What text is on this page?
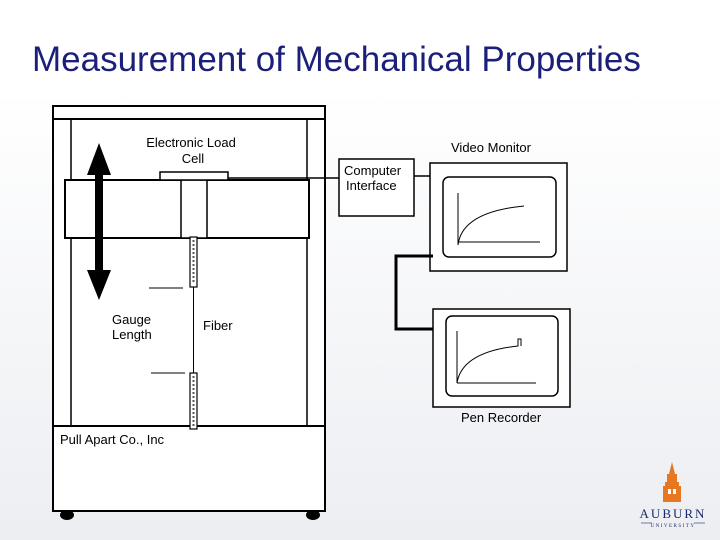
Measurement of Mechanical Properties
Electronic Load
Cell
Gauge
Length
Fiber
Pull Apart Co., Inc
Computer
Interface
Video Monitor
Pen Recorder
AUBURN
UNIVERSITY
